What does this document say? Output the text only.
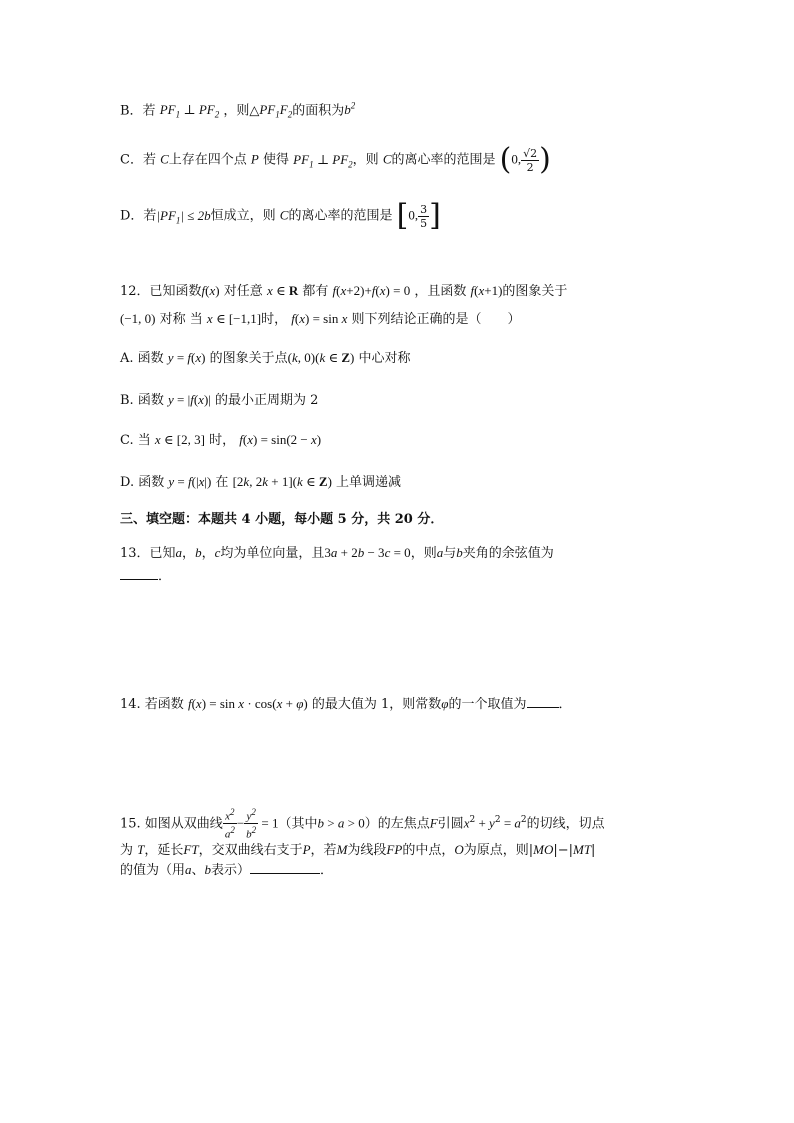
B．若 $PF_1$ ⊥ $PF_2$ ，则$\triangle PF_1F_2$的面积为$b^2$
C．若 C上存在四个点 P 使得 $PF_1$ ⊥ $PF_2$，则 C的离心率的范围是 (0, $\frac{√2}{2}$ )
D．若$|PF_1| \le 2b$恒成立，则 C的离心率的范围是 [0, $\frac{3}{5}$ ]
12．已知函数f(x) 对任意 x ∈ R 都有 f(x+2)+f(x) = 0 ，且函数 f(x+1)的图象关于
(−1, 0) 对称 当 x ∈ [−1,1]时， f(x) = sin x 则下列结论正确的是（　　）
A. 函数 y = f(x) 的图象关于点(k, 0)(k ∈ Z) 中心对称
B. 函数 y = |f(x)| 的最小正周期为 2
C. 当 x ∈ [2, 3] 时， f(x) = sin(2 − x)
D. 函数 y = f(|x|) 在 [2k, 2k + 1](k ∈ Z) 上单调递减
三、填空题：本题共 4 小题，每小题 5 分，共 20 分．
13．已知a，b，c均为单位向量，且3a + 2b − 3c = 0，则a与b夹角的余弦值为
．
14. 若函数 f(x) = sin x · cos(x + φ) 的最大值为 1，则常数φ的一个取值为 ．
15. 如图从双曲线 $\frac{x^2}{a^2} - \frac{y^2}{b^2} = 1$（其中b > a > 0）的左焦点F引圆$x^2 + y^2 = a^2$的切线，切点
为 T，延长FT，交双曲线右支于P，若M为线段FP的中点，O为原点，则|MO|−|MT|
的值为（用a、b表示）	．
